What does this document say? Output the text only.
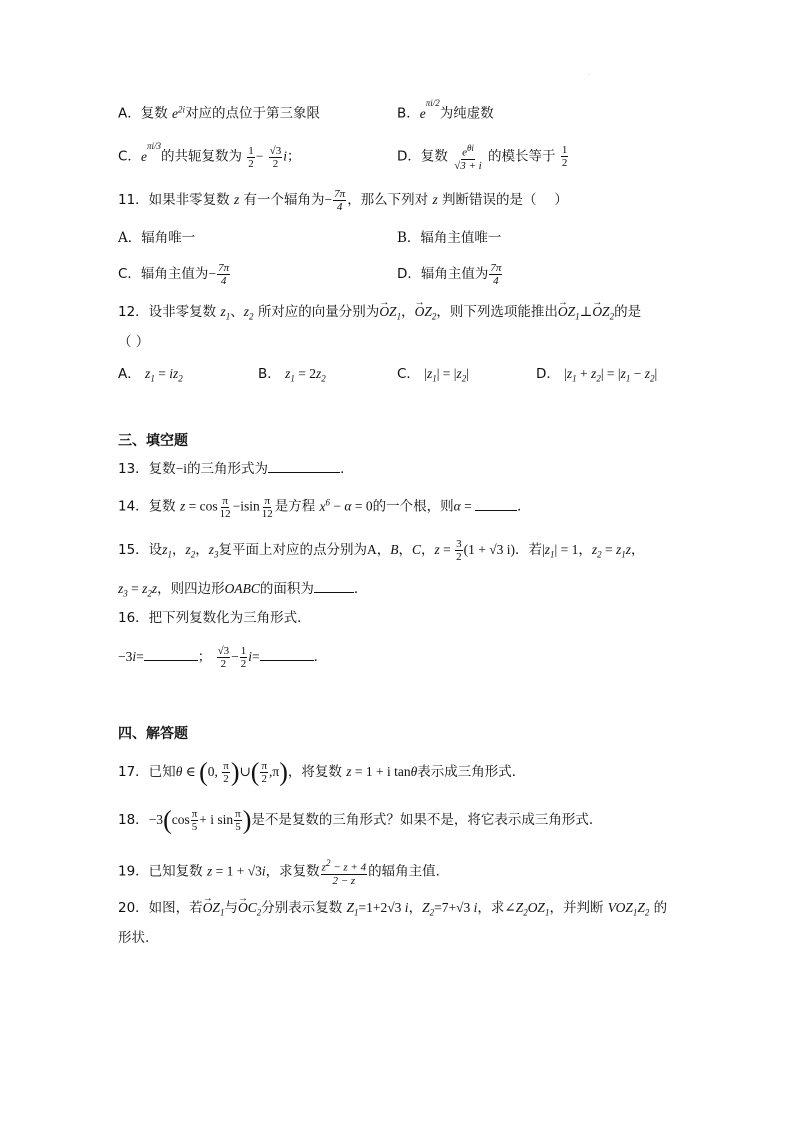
·
A．复数 $e^{2i}$对应的点位于第三象限	B．$e^{\pi i/2}$为纯虚数
C．$e^{\pi i/3}$的共轭复数为 $\frac{1}{2} - \frac{√3}{2}$ i；	D．复数 $\frac{e^{\theta i}}{√3 + i}$ 的模长等于 $\frac{1}{2}$
11．如果非零复数 z 有一个辐角为− $\frac{7\pi}{4}$ ，那么下列对 z 判断错误的是（　 ）
A．辐角唯一	B．辐角主值唯一
C．辐角主值为− $\frac{7\pi}{4}$	D．辐角主值为 $\frac{7\pi}{4}$
12．设非零复数 $z_1$、$z_2$ 所对应的向量分别为→ $OZ_1$，→ $OZ_2$，则下列选项能推出→ $OZ_1\perp\to OZ_2$的是
（ ）
A． $z_1 = iz_2$	B． $z_1 = 2z_2$	C． $|z_1| = |z_2|$	D． $|z_1 + z_2| = |z_1 - z_2|$
三、填空题
13．复数−i的三角形式为	．
14．复数 $z = \cos \frac{\pi}{12} -isin \frac{\pi}{12}$ 是方程 $x^6 - \alpha = 0$的一个根，则α =	．
15．设$z_1$，$z_2$，$z_3$复平面上对应的点分别为A，B，C，$z = \frac{3}{2} (1 + √3$ i)．若$|z_1| = 1$，$z_2 = z_1z$，
$z_3 = z_2z$，则四边形OABC的面积为	．
16．把下列复数化为三角形式．
−3i=	； $\frac{√3}{2} - \frac{1}{2} i=$	．
四、解答题
17．已知θ ∈ (0, $\frac{\pi}{2}$ )∪( $\frac{\pi}{2} ,\pi$)，将复数 z = 1 + i tanθ表示成三角形式．
18．$-3(\cos \frac{\pi}{5} + i$ $\sin \frac{\pi}{5}$ )是不是复数的三角形式？如果不是，将它表示成三角形式．
19．已知复数 z = 1 + √3i，求复数 $\frac{z^2 - z + 4}{2 - z}$ 的辐角主值.
20．如图，若→ $OZ_1$与→ $OC_2$分别表示复数 $Z_1=1+2√3$ i，$Z_2=7+√3$ i，求$\angle Z_2OZ_1$，并判断 $VOZ_1Z_2$ 的
形状.
